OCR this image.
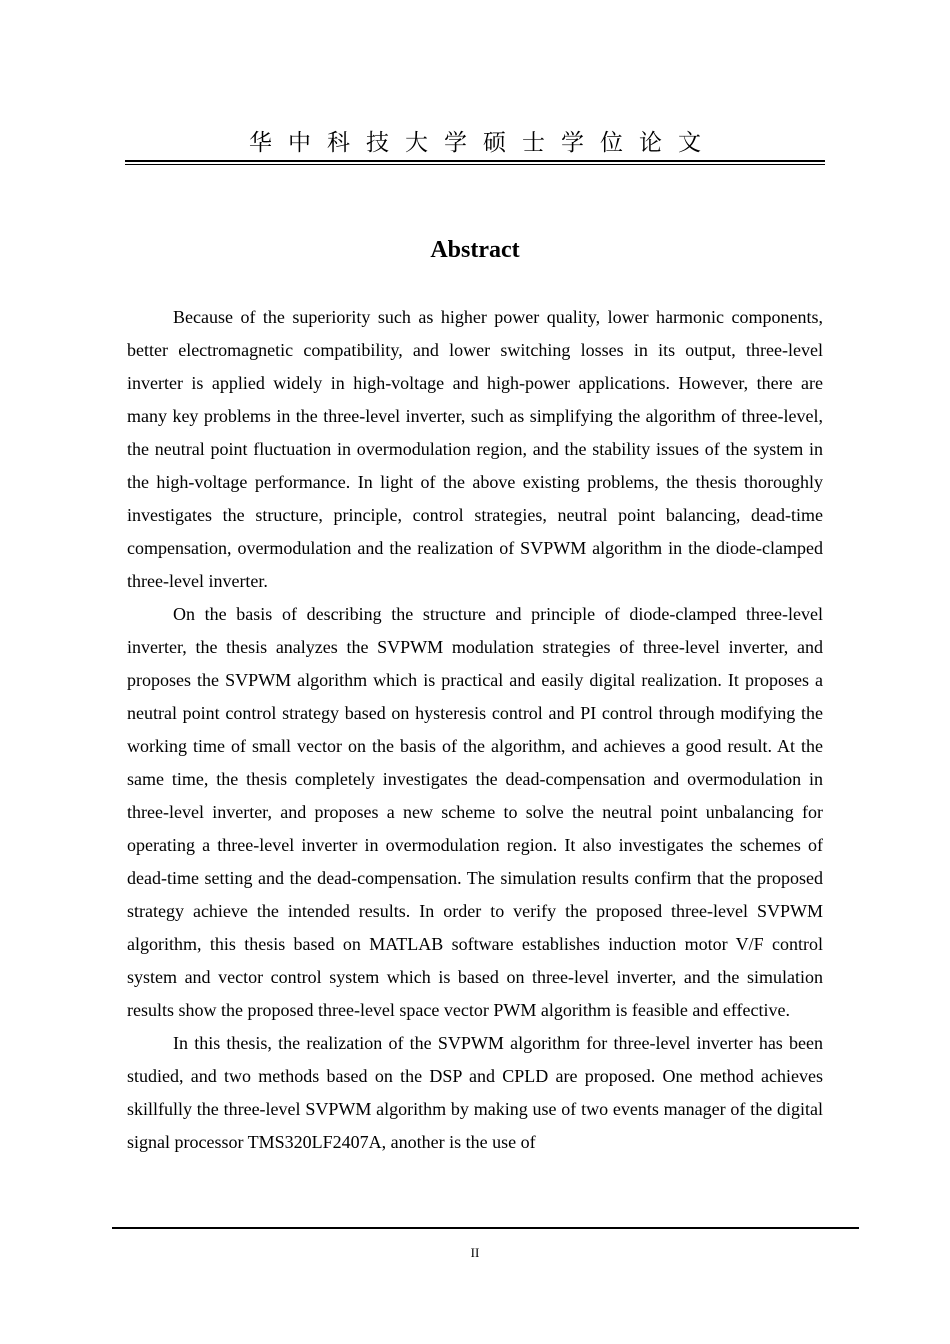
华中科技大学硕士学位论文
Abstract

Because of the superiority such as higher power quality, lower harmonic components, better electromagnetic compatibility, and lower switching losses in its output, three-level inverter is applied widely in high-voltage and high-power applications. However, there are many key problems in the three-level inverter, such as simplifying the algorithm of three-level, the neutral point fluctuation in overmodulation region, and the stability issues of the system in the high-voltage performance. In light of the above existing problems, the thesis thoroughly investigates the structure, principle, control strategies, neutral point balancing, dead-time compensation, overmodulation and the realization of SVPWM algorithm in the diode-clamped three-level inverter.

On the basis of describing the structure and principle of diode-clamped three-level inverter, the thesis analyzes the SVPWM modulation strategies of three-level inverter, and proposes the SVPWM algorithm which is practical and easily digital realization. It proposes a neutral point control strategy based on hysteresis control and PI control through modifying the working time of small vector on the basis of the algorithm, and achieves a good result. At the same time, the thesis completely investigates the dead-compensation and overmodulation in three-level inverter, and proposes a new scheme to solve the neutral point unbalancing for operating a three-level inverter in overmodulation region. It also investigates the schemes of dead-time setting and the dead-compensation. The simulation results confirm that the proposed strategy achieve the intended results. In order to verify the proposed three-level SVPWM algorithm, this thesis based on MATLAB software establishes induction motor V/F control system and vector control system which is based on three-level inverter, and the simulation results show the proposed three-level space vector PWM algorithm is feasible and effective.

In this thesis, the realization of the SVPWM algorithm for three-level inverter has been studied, and two methods based on the DSP and CPLD are proposed. One method achieves skillfully the three-level SVPWM algorithm by making use of two events manager of the digital signal processor TMS320LF2407A, another is the use of

II
